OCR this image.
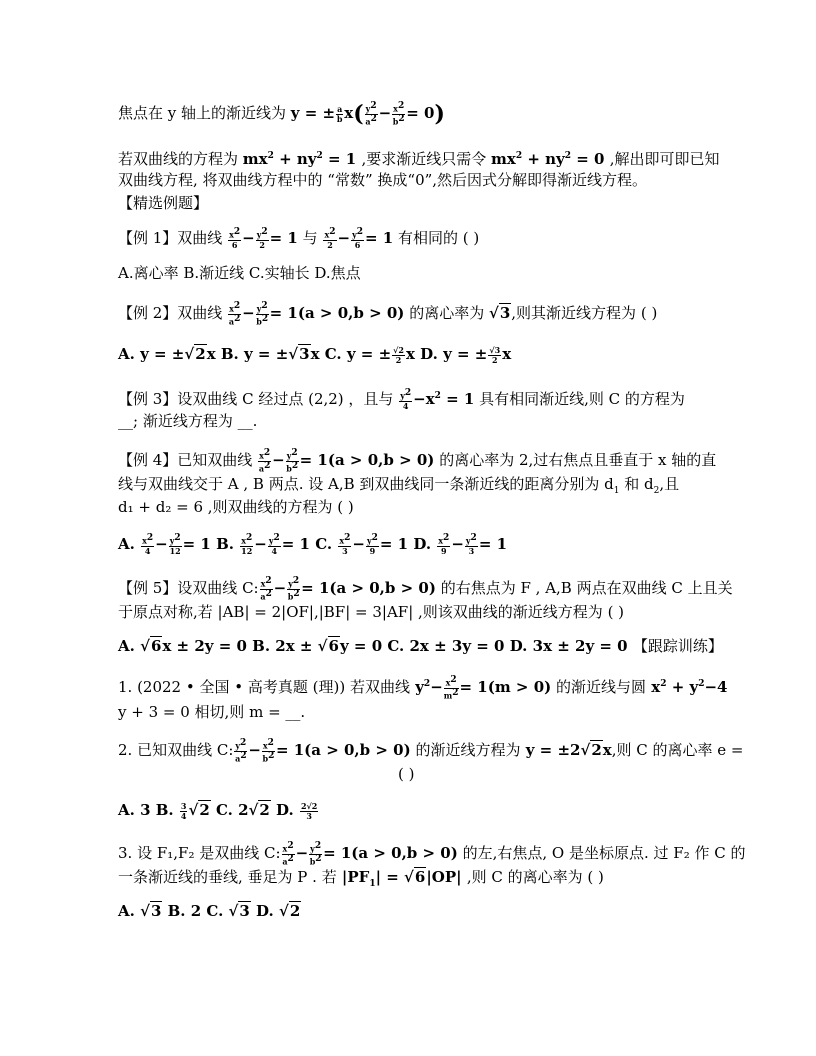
焦点在 y 轴上的渐近线为 y = ± $\frac{a}{b} x( \frac{y^2}{a^2} - \frac{x^2}{b^2} = 0)$
若双曲线的方程为 $mx^2 + ny^2 = 1$ ,要求渐近线只需令 $mx^2 + ny^2 = 0$ ,解出即可即已知
双曲线方程, 将双曲线方程中的 “常数” 换成“0”,然后因式分解即得渐近线方程。
【精选例题】
【例 1】双曲线 $\frac{x^2}{6} - \frac{y^2}{2} = 1$ 与 $\frac{x^2}{2} - \frac{y^2}{6} = 1$ 有相同的 ( )
A.离心率 B.渐近线 C.实轴长 D.焦点
【例 2】双曲线 $\frac{x^2}{a^2} - \frac{y^2}{b^2} = 1(a > 0,b > 0)$ 的离心率为 √3,则其渐近线方程为 ( )
A. y = ±√2x B. y = ±√3x C. y = ± $\frac{√2}{2}$ x D. y = ± $\frac{√3}{2}$ x
【例 3】设双曲线 C 经过点 (2,2) ，且与 $\frac{y^2}{4} -x^2 = 1$ 具有相同渐近线,则 C 的方程为
__; 渐近线方程为 __.
【例 4】已知双曲线 $\frac{x^2}{a^2} - \frac{y^2}{b^2} = 1(a > 0,b > 0)$ 的离心率为 2,过右焦点且垂直于 x 轴的直
线与双曲线交于 A , B 两点. 设 A,B 到双曲线同一条渐近线的距离分别为 $d_1$ 和 $d_2$,且
d₁ + d₂ = 6 ,则双曲线的方程为 ( )
A. $\frac{x^2}{4} - \frac{y^2}{12} = 1$ B. $\frac{x^2}{12} - \frac{y^2}{4} = 1$ C. $\frac{x^2}{3} - \frac{y^2}{9} = 1$ D. $\frac{x^2}{9} - \frac{y^2}{3} = 1$
【例 5】设双曲线 C: $\frac{x^2}{a^2} - \frac{y^2}{b^2} = 1(a > 0,b > 0)$ 的右焦点为 F , A,B 两点在双曲线 C 上且关
于原点对称,若 |AB| = 2|OF|,|BF| = 3|AF| ,则该双曲线的渐近线方程为 ( )
A. √6x ± 2y = 0 B. 2x ± √6y = 0 C. 2x ± 3y = 0 D. 3x ± 2y = 0 【跟踪训练】
1. (2022 • 全国 • 高考真题 (理)) 若双曲线 $y^2- \frac{x^2}{m^2} = 1(m > 0)$ 的渐近线与圆 $x^2 + y^2-4$
y + 3 = 0 相切,则 m = __.
2. 已知双曲线 C: $\frac{y^2}{a^2} - \frac{x^2}{b^2} = 1(a > 0,b > 0)$ 的渐近线方程为 y = ±2√2x,则 C 的离心率 e =
( )
A. 3 B. $\frac{3}{4} √2$ C. 2√2 D. $\frac{2√2}{3}$
3. 设 F₁,F₂ 是双曲线 C: $\frac{x^2}{a^2} - \frac{y^2}{b^2} = 1(a > 0,b > 0)$ 的左,右焦点, O 是坐标原点. 过 F₂ 作 C 的
一条渐近线的垂线, 垂足为 P . 若 $|PF_1| = √6|OP|$ ,则 C 的离心率为 ( )
A. √3 B. 2 C. √3 D. √2
